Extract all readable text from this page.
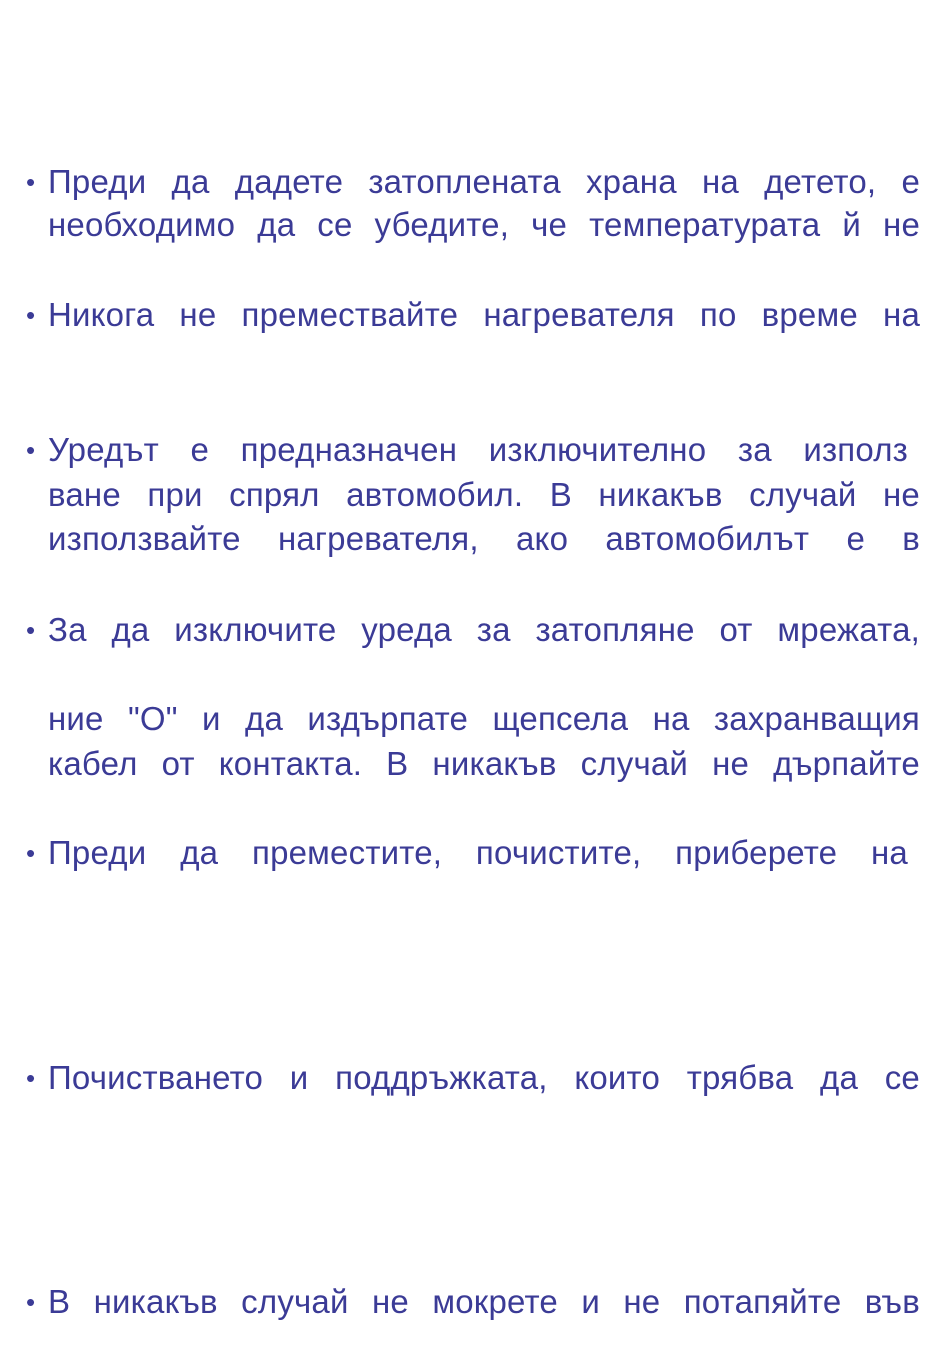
• Преди да дадете затоплената храна на детето, е
необходимо да се убедите, че температурата й не
• Никога не премествайте нагревателя по време на
• Уредът е предназначен изключително за използ
ване при спрял автомобил. В никакъв случай не
използвайте нагревателя, ако автомобилът е в
• За да изключите уреда за затопляне от мрежата,
ние "O" и да издърпате щепсела на захранващия
кабел от контакта. В никакъв случай не дърпайте
• Преди да преместите, почистите, приберете на
• Почистването и поддръжката, които трябва да се
• В никакъв случай не мокрете и не потапяйте във
